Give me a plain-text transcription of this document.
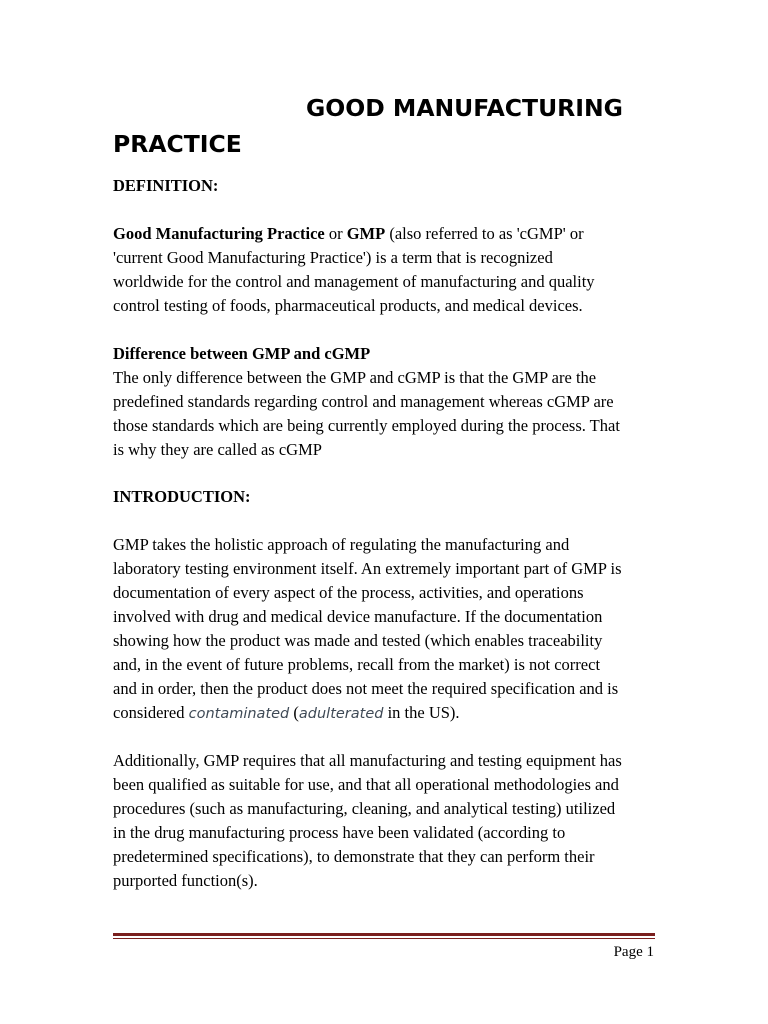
GOOD MANUFACTURING
PRACTICE
DEFINITION:
Good Manufacturing Practice or GMP (also referred to as 'cGMP' or
'current Good Manufacturing Practice') is a term that is recognized
worldwide for the control and management of manufacturing and quality
control testing of foods, pharmaceutical products, and medical devices.
Difference between GMP and cGMP
The only difference between the GMP and cGMP is that the GMP are the
predefined standards regarding control and management whereas cGMP are
those standards which are being currently employed during the process. That
is why they are called as cGMP
INTRODUCTION:
GMP takes the holistic approach of regulating the manufacturing and
laboratory testing environment itself. An extremely important part of GMP is
documentation of every aspect of the process, activities, and operations
involved with drug and medical device manufacture. If the documentation
showing how the product was made and tested (which enables traceability
and, in the event of future problems, recall from the market) is not correct
and in order, then the product does not meet the required specification and is
considered contaminated (adulterated in the US).
Additionally, GMP requires that all manufacturing and testing equipment has
been qualified as suitable for use, and that all operational methodologies and
procedures (such as manufacturing, cleaning, and analytical testing) utilized
in the drug manufacturing process have been validated (according to
predetermined specifications), to demonstrate that they can perform their
purported function(s).
Page 1
